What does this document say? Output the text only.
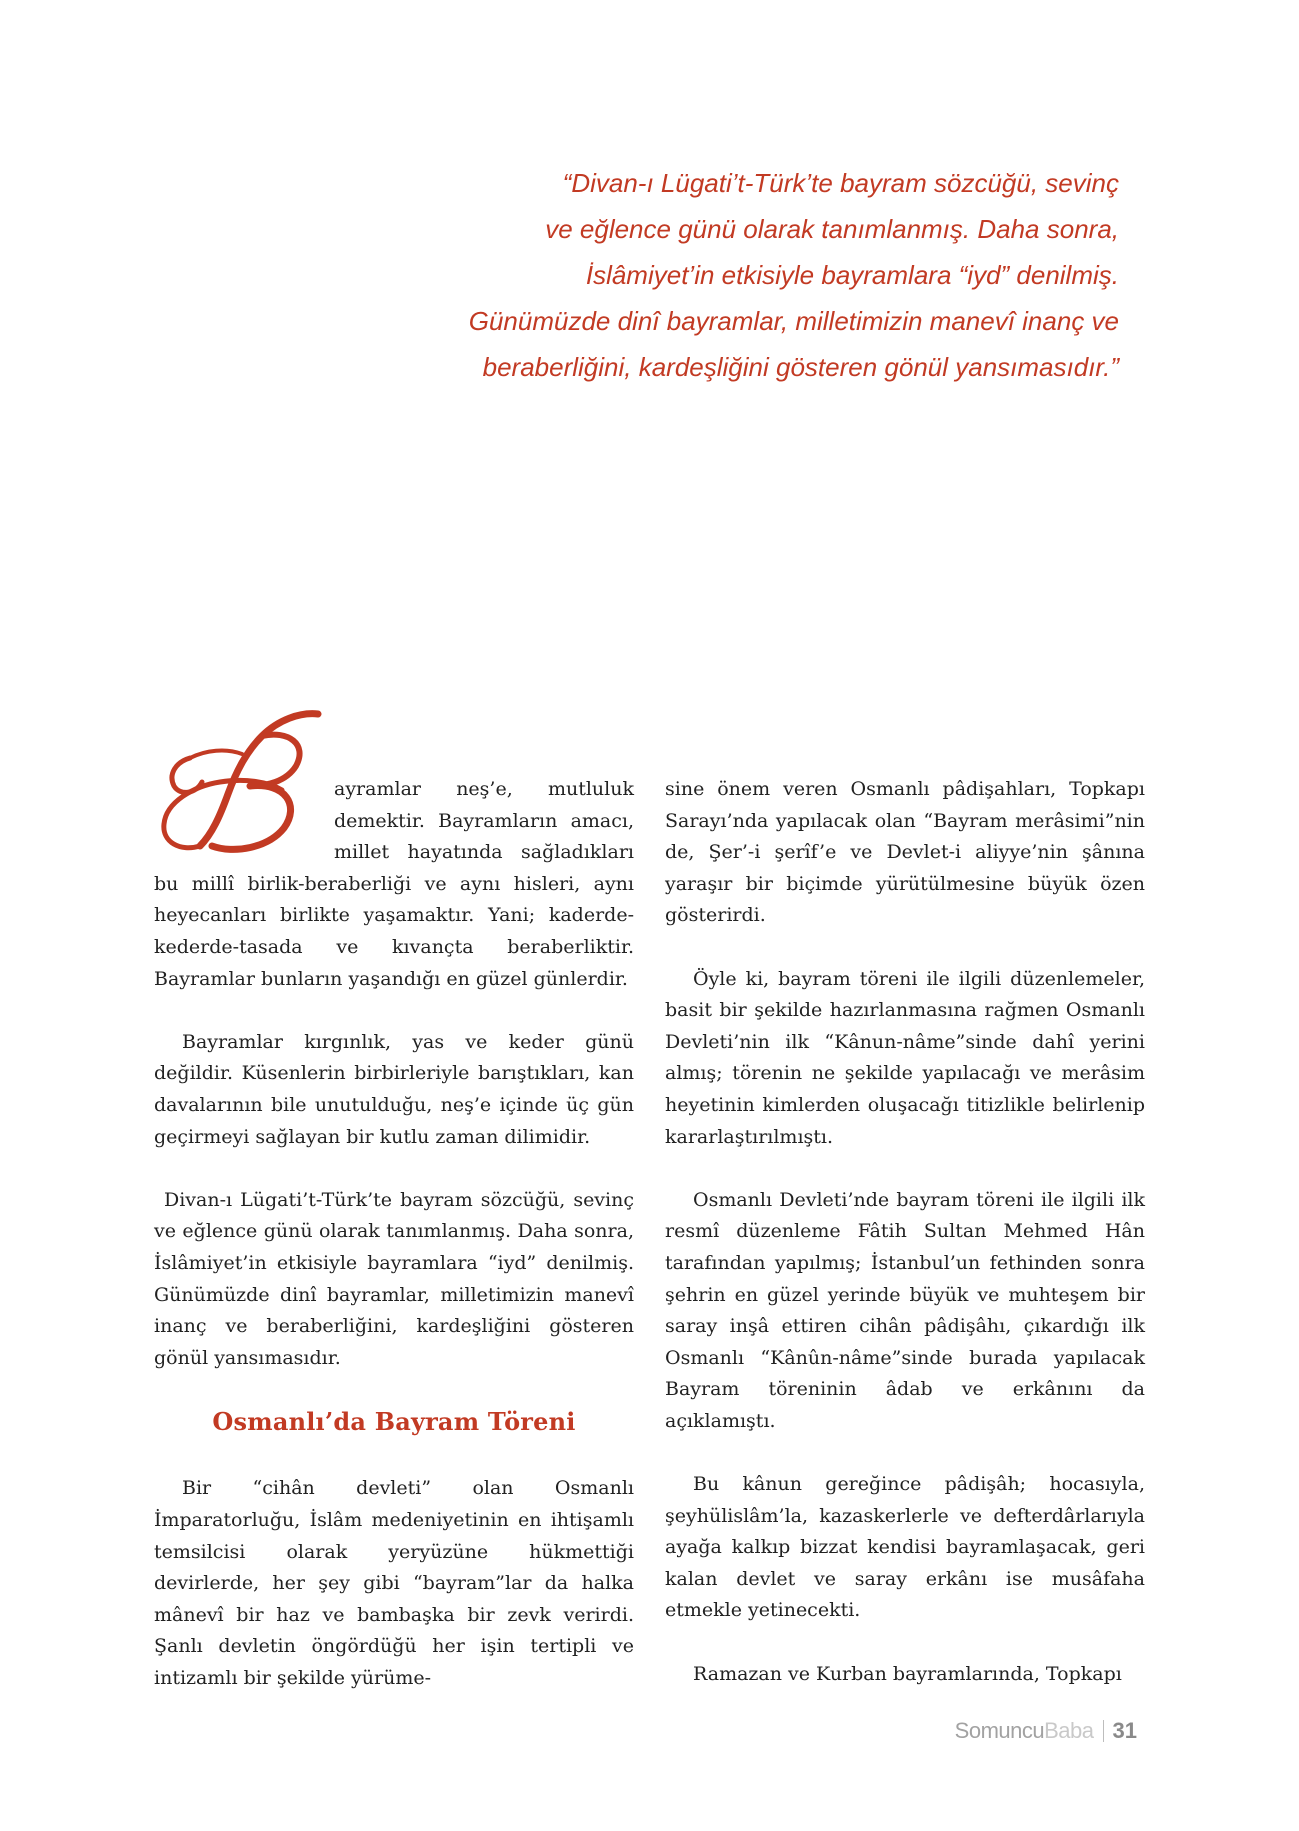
“Divan-ı Lügati’t-Türk’te bayram sözcüğü, sevinç
ve eğlence günü olarak tanımlanmış. Daha sonra,
İslâmiyet’in etkisiyle bayramlara “iyd” denilmiş.
Günümüzde dinî bayramlar, milletimizin manevî inanç ve
beraberliğini, kardeşliğini gösteren gönül yansımasıdır.”

ayramlar neş’e, mutluluk demektir. Bayramların amacı, millet hayatında sağladıkları bu millî birlik-beraberliği ve aynı hisleri, aynı heyecanları birlikte yaşamaktır. Yani; kaderde-kederde-tasada ve kıvançta beraberliktir. Bayramlar bunların yaşandığı en güzel günlerdir.

Bayramlar kırgınlık, yas ve keder günü değildir. Küsenlerin birbirleriyle barıştıkları, kan davalarının bile unutulduğu, neş’e içinde üç gün geçirmeyi sağlayan bir kutlu zaman dilimidir.

Divan-ı Lügati’t-Türk’te bayram sözcüğü, sevinç ve eğlence günü olarak tanımlanmış. Daha sonra, İslâmiyet’in etkisiyle bayramlara “iyd” denilmiş. Günümüzde dinî bayramlar, milletimizin manevî inanç ve beraberliğini, kardeşliğini gösteren gönül yansımasıdır.

Osmanlı’da Bayram Töreni

Bir “cihân devleti” olan Osmanlı İmparatorluğu, İslâm medeniyetinin en ihtişamlı temsilcisi olarak yeryüzüne hükmettiği devirlerde, her şey gibi “bayram”lar da halka mânevî bir haz ve bambaşka bir zevk verirdi. Şanlı devletin öngördüğü her işin tertipli ve intizamlı bir şekilde yürüme-

sine önem veren Osmanlı pâdişahları, Topkapı Sarayı’nda yapılacak olan “Bayram merâsimi”nin de, Şer’-i şerîf’e ve Devlet-i aliyye’nin şânına yaraşır bir biçimde yürütülmesine büyük özen gösterirdi.

Öyle ki, bayram töreni ile ilgili düzenlemeler, basit bir şekilde hazırlanmasına rağmen Osmanlı Devleti’nin ilk “Kânun-nâme”sinde dahî yerini almış; törenin ne şekilde yapılacağı ve merâsim heyetinin kimlerden oluşacağı titizlikle belirlenip kararlaştırılmıştı.

Osmanlı Devleti’nde bayram töreni ile ilgili ilk resmî düzenleme Fâtih Sultan Mehmed Hân tarafından yapılmış; İstanbul’un fethinden sonra şehrin en güzel yerinde büyük ve muhteşem bir saray inşâ ettiren cihân pâdişâhı, çıkardığı ilk Osmanlı “Kânûn-nâme”sinde burada yapılacak Bayram töreninin âdab ve erkânını da açıklamıştı.

Bu kânun gereğince pâdişâh; hocasıyla, şeyhülislâm’la, kazaskerlerle ve defterdârlarıyla ayağa kalkıp bizzat kendisi bayramlaşacak, geri kalan devlet ve saray erkânı ise musâfaha etmekle yetinecekti.

Ramazan ve Kurban bayramlarında, Topkapı

Somuncu Baba 31
